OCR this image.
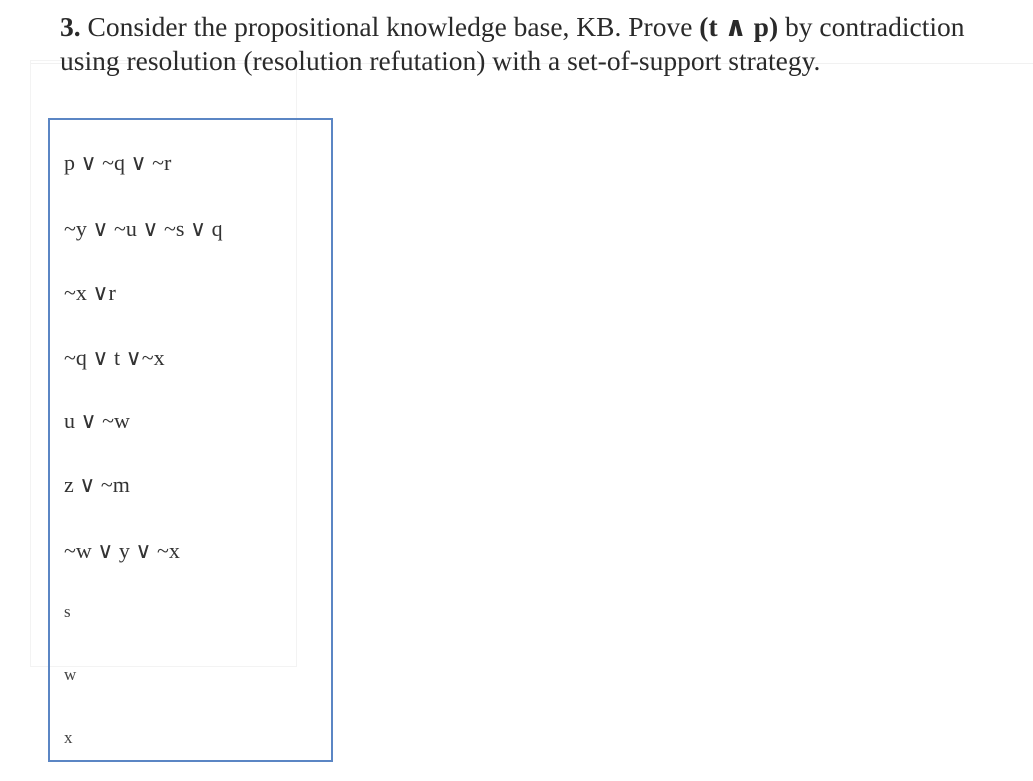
3. Consider the propositional knowledge base, KB. Prove (t ∧ p) by contradiction using resolution (resolution refutation) with a set-of-support strategy.
p ∨ ~q ∨ ~r
~y ∨ ~u ∨ ~s ∨ q
~x ∨r
~q ∨ t ∨~x
u ∨ ~w
z ∨ ~m
~w ∨ y ∨ ~x
s
w
x
